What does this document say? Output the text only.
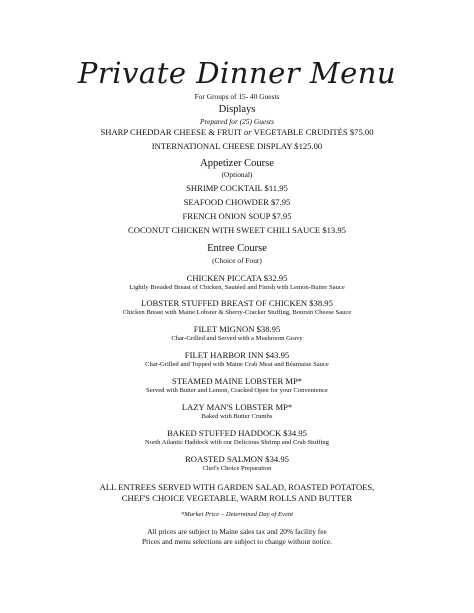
Private Dinner Menu
For Groups of 15- 40 Guests
Displays
Prepared for (25) Guests
SHARP CHEDDAR CHEESE & FRUIT or VEGETABLE CRUDITÉS $75.00
INTERNATIONAL CHEESE DISPLAY $125.00
Appetizer Course
(Optional)
SHRIMP COCKTAIL $11.95
SEAFOOD CHOWDER $7.95
FRENCH ONION SOUP $7.95
COCONUT CHICKEN WITH SWEET CHILI SAUCE $13.95
Entree Course
(Choice of Four)
CHICKEN PICCATA $32.95
Lightly Breaded Breast of Chicken, Sautéed and Finish with Lemon-Butter Sauce
LOBSTER STUFFED BREAST OF CHICKEN $38.95
Chicken Breast with Maine Lobster & Sherry-Cracker Stuffing, Boursin Cheese Sauce
FILET MIGNON $38.95
Char-Grilled and Served with a Mushroom Gravy
FILET HARBOR INN $43.95
Char-Grilled and Topped with Maine Crab Meat and Béarnaise Sauce
STEAMED MAINE LOBSTER MP*
Served with Butter and Lemon, Cracked Open for your Convenience
LAZY MAN'S LOBSTER MP*
Baked with Butter Crumbs
BAKED STUFFED HADDOCK $34.95
North Atlantic Haddock with our Delicious Shrimp and Crab Stuffing
ROASTED SALMON $34.95
Chef's Choice Preparation
ALL ENTREES SERVED WITH GARDEN SALAD, ROASTED POTATOES,
CHEF'S CHOICE VEGETABLE, WARM ROLLS AND BUTTER
*Market Price – Determined Day of Event
All prices are subject to Maine sales tax and 20% facility fee
Prices and menu selections are subject to change without notice.
